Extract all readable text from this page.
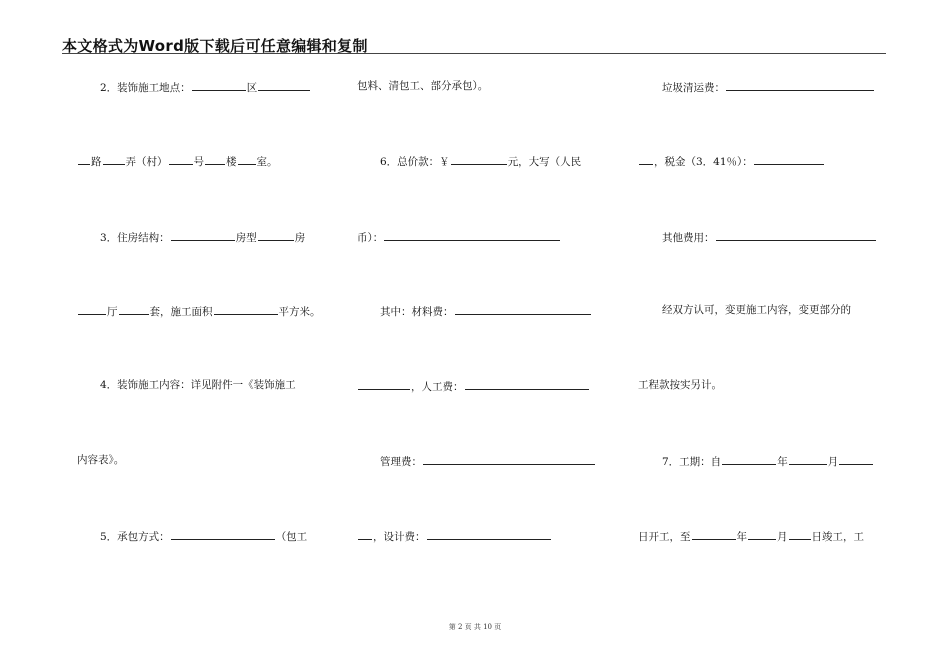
本文格式为Word版下载后可任意编辑和复制
2．装饰施工地点：	区
路 弄（村） 号 楼 室。
3．住房结构：	房型	房
厅	套，施工面积	平方米。
4．装饰施工内容：详见附件一《装饰施工
内容表》。
5．承包方式：	（包工
包料、清包工、部分承包）。
6．总价款：￥	元，大写（人民
币）：
其中：材料费：
，人工费：
管理费：
，设计费：
垃圾清运费：
，税金（3．41％）：
其他费用：
经双方认可，变更施工内容，变更部分的
工程款按实另计。
7．工期：自	年	月
日开工，至	年	月 日竣工，工
第 2 页 共 10 页
